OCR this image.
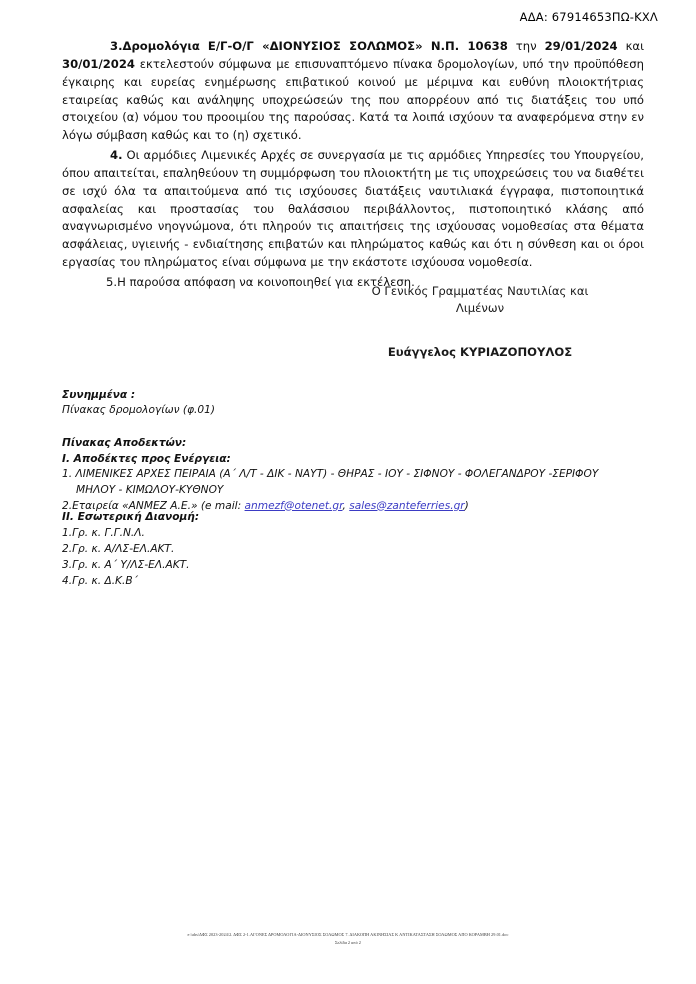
ΑΔΑ: 67914653ΠΩ-ΚΧΛ

3.Δρομολόγια Ε/Γ-Ο/Γ «ΔΙΟΝΥΣΙΟΣ ΣΟΛΩΜΟΣ» Ν.Π. 10638 την 29/01/2024 και 30/01/2024 εκτελεστούν σύμφωνα με επισυναπτόμενο πίνακα δρομολογίων, υπό την προϋπόθεση έγκαιρης και ευρείας ενημέρωσης επιβατικού κοινού με μέριμνα και ευθύνη πλοιοκτήτριας εταιρείας καθώς και ανάληψης υποχρεώσεών της που απορρέουν από τις διατάξεις του υπό στοιχείου (α) νόμου του προοιμίου της παρούσας. Κατά τα λοιπά ισχύουν τα αναφερόμενα στην εν λόγω σύμβαση καθώς και το (η) σχετικό.

4. Οι αρμόδιες Λιμενικές Αρχές σε συνεργασία με τις αρμόδιες Υπηρεσίες του Υπουργείου, όπου απαιτείται, επαληθεύουν τη συμμόρφωση του πλοιοκτήτη με τις υποχρεώσεις του να διαθέτει σε ισχύ όλα τα απαιτούμενα από τις ισχύουσες διατάξεις ναυτιλιακά έγγραφα, πιστοποιητικά ασφαλείας και προστασίας του θαλάσσιου περιβάλλοντος, πιστοποιητικό κλάσης από αναγνωρισμένο νηογνώμονα, ότι πληρούν τις απαιτήσεις της ισχύουσας νομοθεσίας στα θέματα ασφάλειας, υγιεινής - ενδιαίτησης επιβατών και πληρώματος καθώς και ότι η σύνθεση και οι όροι εργασίας του πληρώματος είναι σύμφωνα με την εκάστοτε ισχύουσα νομοθεσία.

5.Η παρούσα απόφαση να κοινοποιηθεί για εκτέλεση.

Ο Γενικός Γραμματέας Ναυτιλίας και
Λιμένων
Ευάγγελος ΚΥΡΙΑΖΟΠΟΥΛΟΣ
Συνημμένα :
Πίνακας δρομολογίων (φ.01)
Πίνακας Αποδεκτών:
I. Αποδέκτες προς Ενέργεια:
1. ΛΙΜΕΝΙΚΕΣ ΑΡΧΕΣ ΠΕΙΡΑΙΑ (Α΄ Λ/Τ - ΔΙΚ - ΝΑΥΤ) - ΘΗΡΑΣ - ΙΟΥ - ΣΙΦΝΟΥ - ΦΟΛΕΓΑΝΔΡΟΥ -ΣΕΡΙΦΟΥ
ΜΗΛΟΥ - ΚΙΜΩΛΟΥ-ΚΥΘΝΟΥ
2.Εταιρεία «ΑΝΜΕΖ Α.Ε.» (e mail: anmezf@otenet.gr, sales@zanteferries.gr)
II. Εσωτερική Διανομή:
1.Гρ. κ. Γ.Γ.Ν.Λ.
2.Гρ. κ. Α/ΛΣ-ΕΛ.ΑΚΤ.
3.Гρ. κ. Α΄ Υ/ΛΣ-ΕΛ.ΑΚΤ.
4.Гρ. κ. Δ.Κ.Β΄
e:\ahs\ΔΦΣ 2023-2024\2. ΔΦΣ 2-1.ΑΓΟΝΕΣ ΔΡΟΜΟΛΟΓΙΑ-ΔΙΟΝΥΣΙΟΣ ΣΟΛΩΜΟΣ 7. ΔΙΑΚΟΠΗ ΑΚΙΝΗΣΙΑΣ Κ ΑΝΤΙΚΑΤΑΣΤΑΣΗ ΣΟΛΩΜΟΣ ΑΠΟ ΚΟΡΑΜΒΗ 29.01.doc
Σελίδα 2 από 2
